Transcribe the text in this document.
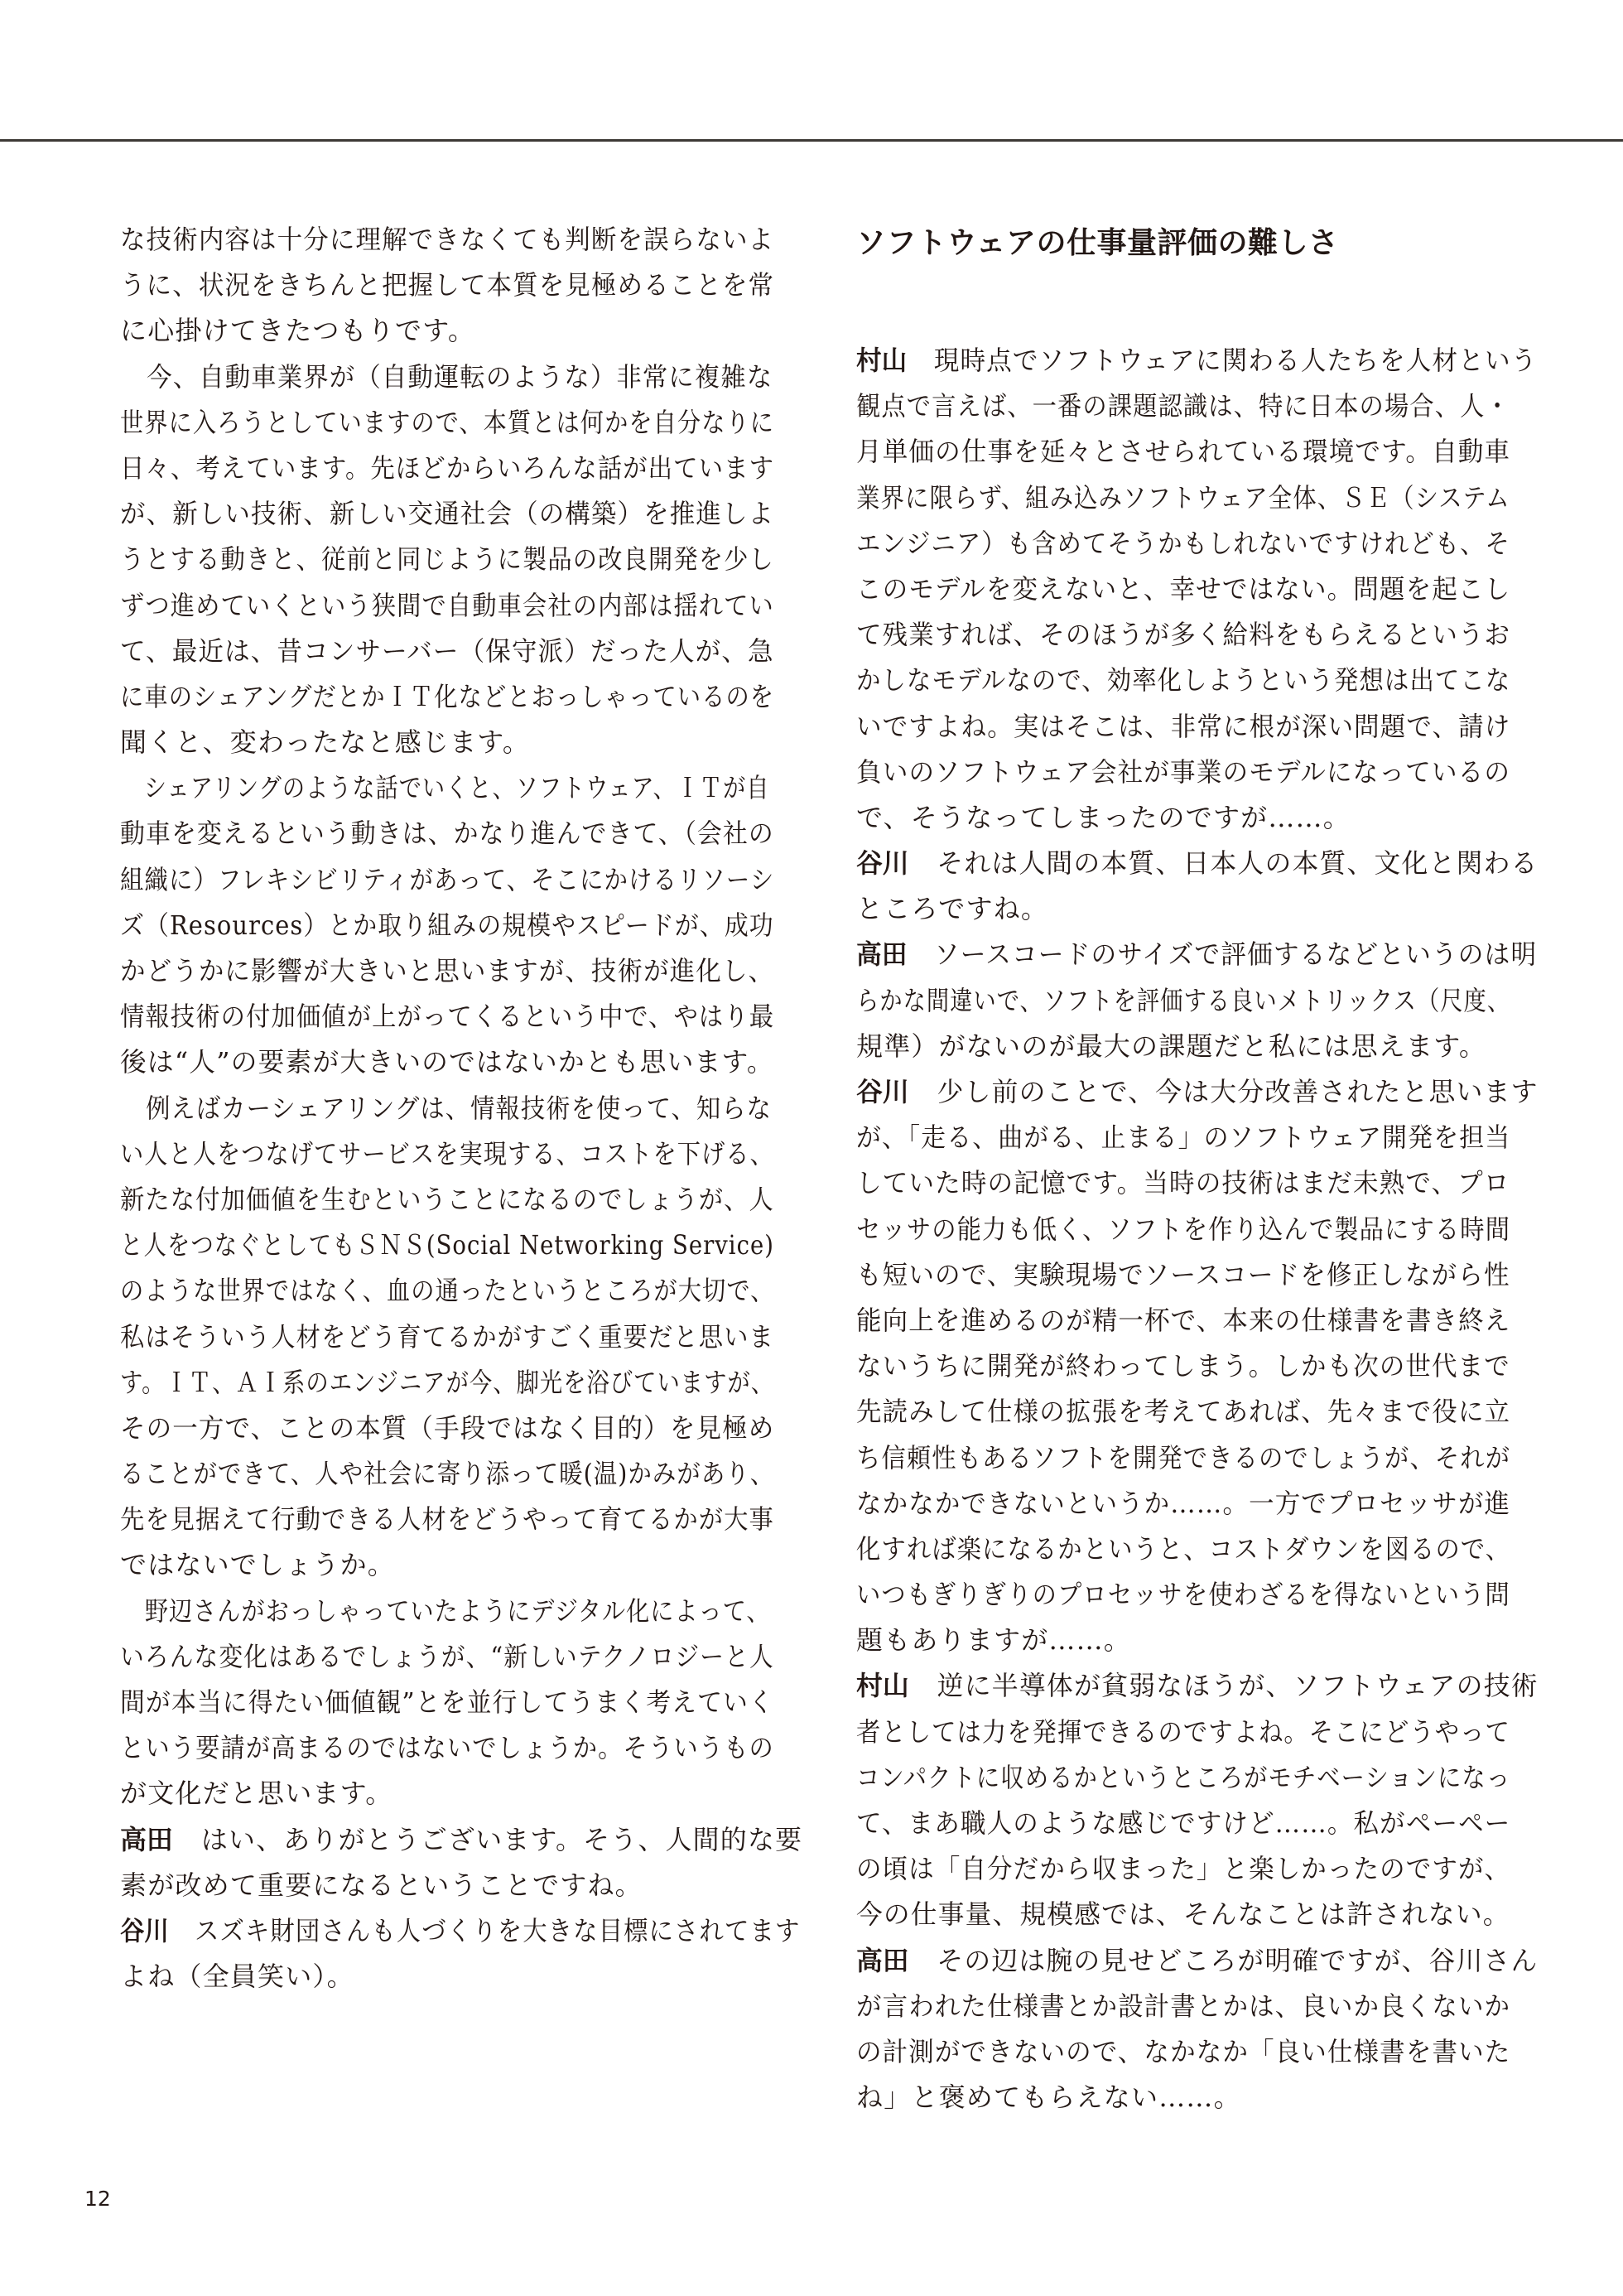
な技術内容は十分に理解できなくても判断を誤らないよ
うに、状況をきちんと把握して本質を見極めることを常
に心掛けてきたつもりです。
今、自動車業界が（自動運転のような）非常に複雑な
世界に入ろうとしていますので、本質とは何かを自分なりに
日々、考えています。先ほどからいろんな話が出ています
が、新しい技術、新しい交通社会（の構築）を推進しよ
うとする動きと、従前と同じように製品の改良開発を少し
ずつ進めていくという狭間で自動車会社の内部は揺れてい
て、最近は、昔コンサーバー（保守派）だった人が、急
に車のシェアングだとかＩＴ化などとおっしゃっているのを
聞くと、変わったなと感じます。
シェアリングのような話でいくと、ソフトウェア、ＩＴが自
動車を変えるという動きは、かなり進んできて、（会社の
組織に）フレキシビリティがあって、そこにかけるリソーシ
ズ（Resources）とか取り組みの規模やスピードが、成功
かどうかに影響が大きいと思いますが、技術が進化し、
情報技術の付加価値が上がってくるという中で、やはり最
後は“人”の要素が大きいのではないかとも思います。
例えばカーシェアリングは、情報技術を使って、知らな
い人と人をつなげてサービスを実現する、コストを下げる、
新たな付加価値を生むということになるのでしょうが、人
と人をつなぐとしてもＳＮＳ(Social Networking Service)
のような世界ではなく、血の通ったというところが大切で、
私はそういう人材をどう育てるかがすごく重要だと思いま
す。ＩＴ、ＡＩ系のエンジニアが今、脚光を浴びていますが、
その一方で、ことの本質（手段ではなく目的）を見極め
ることができて、人や社会に寄り添って暖(温)かみがあり、
先を見据えて行動できる人材をどうやって育てるかが大事
ではないでしょうか。
野辺さんがおっしゃっていたようにデジタル化によって、
いろんな変化はあるでしょうが、“新しいテクノロジーと人
間が本当に得たい価値観”とを並行してうまく考えていく
という要請が高まるのではないでしょうか。そういうもの
が文化だと思います。
高田 はい、ありがとうございます。そう、人間的な要
素が改めて重要になるということですね。
谷川 スズキ財団さんも人づくりを大きな目標にされてます
よね（全員笑い）。
ソフトウェアの仕事量評価の難しさ
村山 現時点でソフトウェアに関わる人たちを人材という
観点で言えば、一番の課題認識は、特に日本の場合、人・
月単価の仕事を延々とさせられている環境です。自動車
業界に限らず、組み込みソフトウェア全体、ＳＥ（システム
エンジニア）も含めてそうかもしれないですけれども、そ
このモデルを変えないと、幸せではない。問題を起こし
て残業すれば、そのほうが多く給料をもらえるというお
かしなモデルなので、効率化しようという発想は出てこな
いですよね。実はそこは、非常に根が深い問題で、請け
負いのソフトウェア会社が事業のモデルになっているの
で、そうなってしまったのですが……。
谷川 それは人間の本質、日本人の本質、文化と関わる
ところですね。
高田 ソースコードのサイズで評価するなどというのは明
らかな間違いで、ソフトを評価する良いメトリックス（尺度、
規準）がないのが最大の課題だと私には思えます。
谷川 少し前のことで、今は大分改善されたと思います
が、「走る、曲がる、止まる」のソフトウェア開発を担当
していた時の記憶です。当時の技術はまだ未熟で、プロ
セッサの能力も低く、ソフトを作り込んで製品にする時間
も短いので、実験現場でソースコードを修正しながら性
能向上を進めるのが精一杯で、本来の仕様書を書き終え
ないうちに開発が終わってしまう。しかも次の世代まで
先読みして仕様の拡張を考えてあれば、先々まで役に立
ち信頼性もあるソフトを開発できるのでしょうが、それが
なかなかできないというか……。一方でプロセッサが進
化すれば楽になるかというと、コストダウンを図るので、
いつもぎりぎりのプロセッサを使わざるを得ないという問
題もありますが……。
村山 逆に半導体が貧弱なほうが、ソフトウェアの技術
者としては力を発揮できるのですよね。そこにどうやって
コンパクトに収めるかというところがモチベーションになっ
て、まあ職人のような感じですけど……。私がペーペー
の頃は「自分だから収まった」と楽しかったのですが、
今の仕事量、規模感では、そんなことは許されない。
高田 その辺は腕の見せどころが明確ですが、谷川さん
が言われた仕様書とか設計書とかは、良いか良くないか
の計測ができないので、なかなか「良い仕様書を書いた
ね」と褒めてもらえない……。
12
